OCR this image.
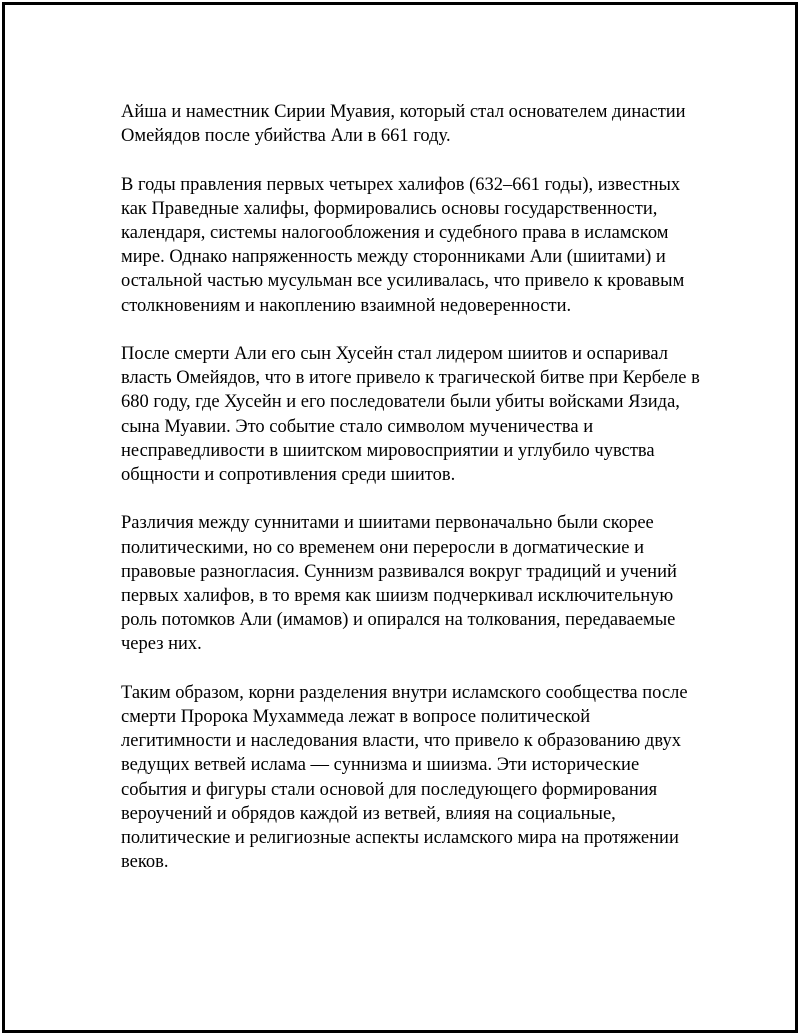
Айша и наместник Сирии Муавия, который стал основателем династии Омейядов после убийства Али в 661 году.

В годы правления первых четырех халифов (632–661 годы), известных как Праведные халифы, формировались основы государственности, календаря, системы налогообложения и судебного права в исламском мире. Однако напряженность между сторонниками Али (шиитами) и остальной частью мусульман все усиливалась, что привело к кровавым столкновениям и накоплению взаимной недоверенности.

После смерти Али его сын Хусейн стал лидером шиитов и оспаривал власть Омейядов, что в итоге привело к трагической битве при Кербеле в 680 году, где Хусейн и его последователи были убиты войсками Язида, сына Муавии. Это событие стало символом мученичества и несправедливости в шиитском мировосприятии и углубило чувства общности и сопротивления среди шиитов.

Различия между суннитами и шиитами первоначально были скорее политическими, но со временем они переросли в догматические и правовые разногласия. Суннизм развивался вокруг традиций и учений первых халифов, в то время как шиизм подчеркивал исключительную роль потомков Али (имамов) и опирался на толкования, передаваемые через них.

Таким образом, корни разделения внутри исламского сообщества после смерти Пророка Мухаммеда лежат в вопросе политической легитимности и наследования власти, что привело к образованию двух ведущих ветвей ислама — суннизма и шиизма. Эти исторические события и фигуры стали основой для последующего формирования вероучений и обрядов каждой из ветвей, влияя на социальные, политические и религиозные аспекты исламского мира на протяжении веков.
